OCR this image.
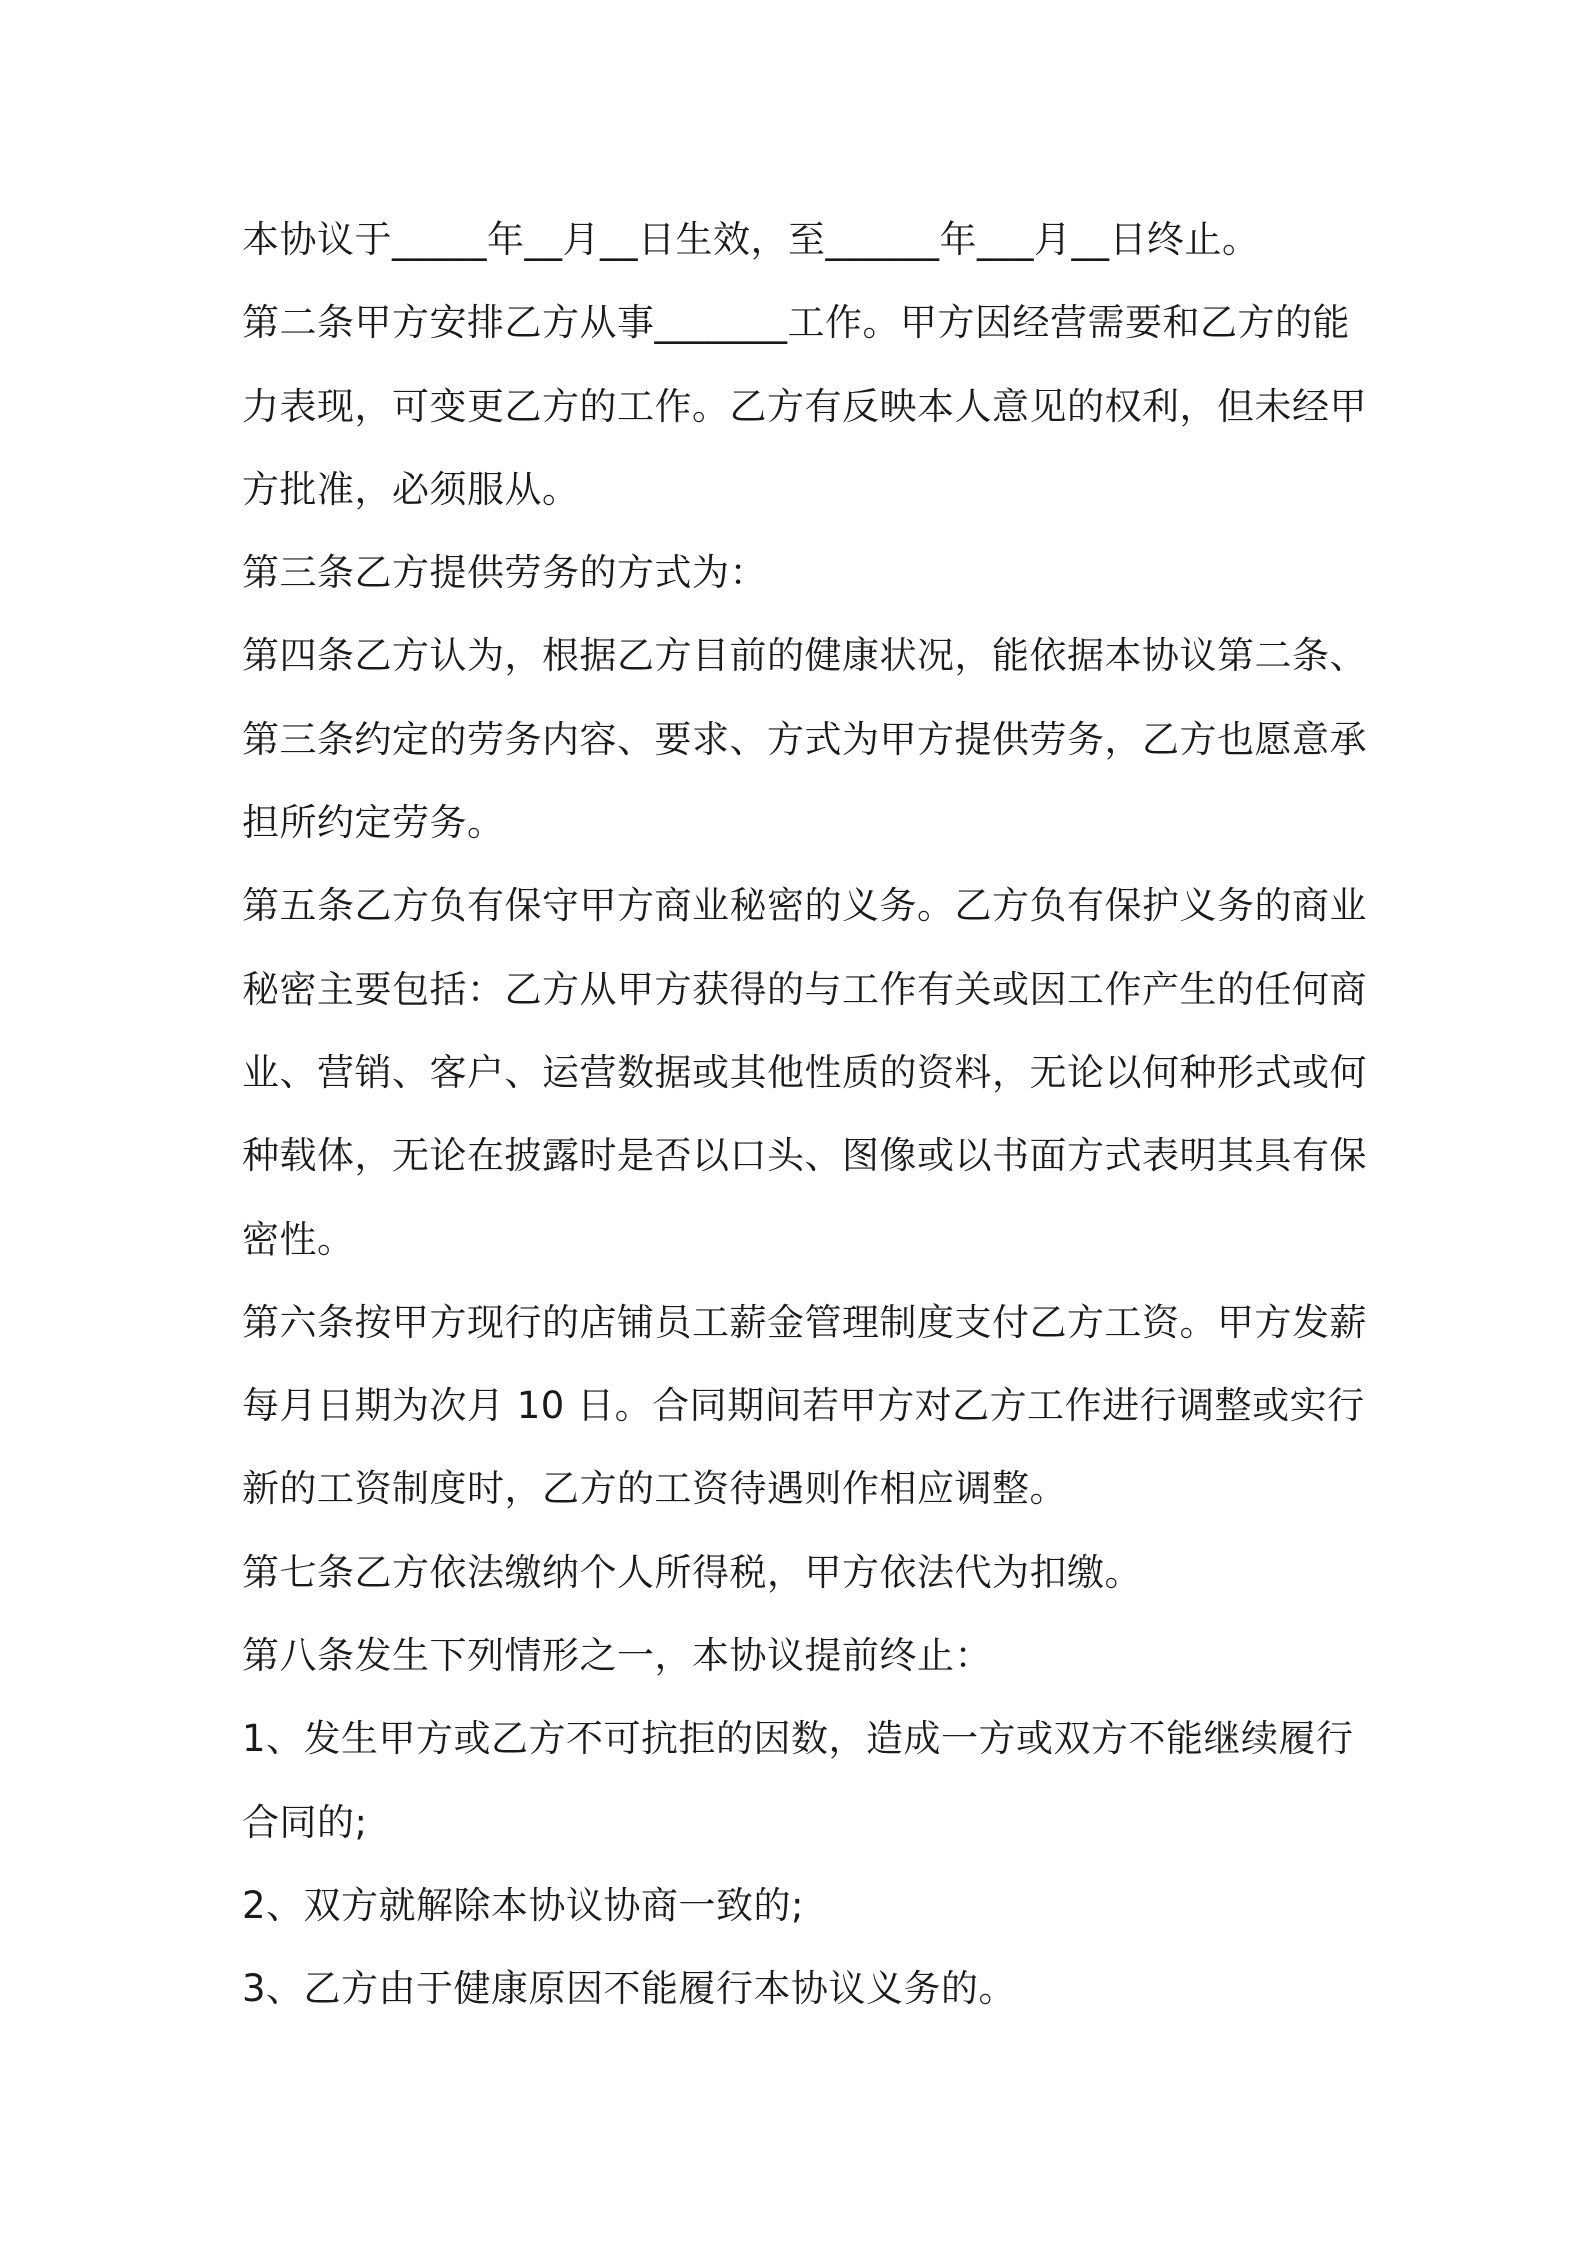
本协议于_____年__月__日生效，至______年___月__日终止。
第二条甲方安排乙方从事_______工作。甲方因经营需要和乙方的能
力表现，可变更乙方的工作。乙方有反映本人意见的权利，但未经甲
方批准，必须服从。
第三条乙方提供劳务的方式为：
第四条乙方认为，根据乙方目前的健康状况，能依据本协议第二条、
第三条约定的劳务内容、要求、方式为甲方提供劳务，乙方也愿意承
担所约定劳务。
第五条乙方负有保守甲方商业秘密的义务。乙方负有保护义务的商业
秘密主要包括：乙方从甲方获得的与工作有关或因工作产生的任何商
业、营销、客户、运营数据或其他性质的资料，无论以何种形式或何
种载体，无论在披露时是否以口头、图像或以书面方式表明其具有保
密性。
第六条按甲方现行的店铺员工薪金管理制度支付乙方工资。甲方发薪
每月日期为次月 10 日。合同期间若甲方对乙方工作进行调整或实行
新的工资制度时，乙方的工资待遇则作相应调整。
第七条乙方依法缴纳个人所得税，甲方依法代为扣缴。
第八条发生下列情形之一，本协议提前终止：
1、发生甲方或乙方不可抗拒的因数，造成一方或双方不能继续履行
合同的;
2、双方就解除本协议协商一致的;
3、乙方由于健康原因不能履行本协议义务的。
